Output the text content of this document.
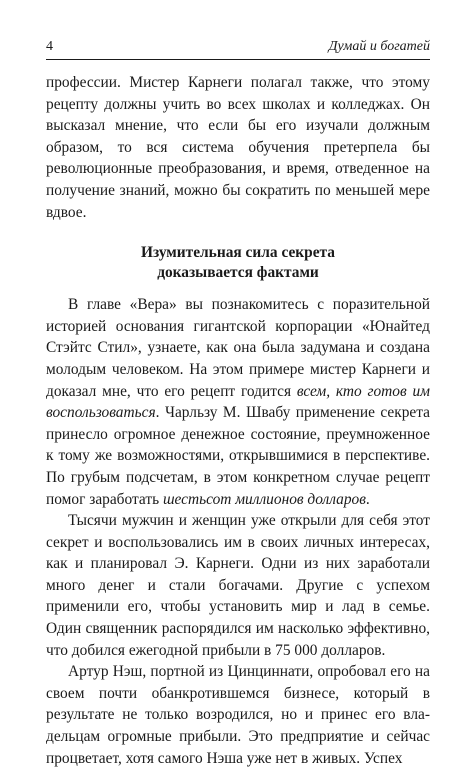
4	Думай и богатей

профессии. Мистер Карнеги полагал также, что этому рецепту должны учить во всех школах и колледжах. Он высказал мнение, что если бы его изучали должным образом, то вся система обучения претерпела бы революционные преобразования, и время, отведенное на получение знаний, можно бы сократить по меньшей мере вдвое.

Изумительная сила секрета
доказывается фактами

В главе «Вера» вы познакомитесь с поразительной историей основания гигантской корпорации «Юнайтед Стэйтс Стил», узнаете, как она была задумана и создана молодым человеком. На этом примере мистер Карнеги и доказал мне, что его рецепт годится всем, кто готов им воспользоваться. Чарльзу М. Швабу применение секрета принесло огромное денежное состояние, преумноженное к тому же возможностями, открывшимися в перспективе. По грубым подсчетам, в этом конкретном случае рецепт помог заработать шестьсот миллионов долларов.

Тысячи мужчин и женщин уже открыли для себя этот секрет и воспользовались им в своих личных интересах, как и планировал Э. Карнеги. Одни из них заработали много денег и стали богачами. Другие с успехом применили его, чтобы установить мир и лад в семье. Один священник распорядился им насколько эффективно, что добился ежегодной прибыли в 75 000 долларов.

Артур Нэш, портной из Цинциннати, опробовал его на своем почти обанкротившемся бизнесе, который в результате не только возродился, но и принес его владельцам огромные прибыли. Это предприятие и сейчас процветает, хотя самого Нэша уже нет в живых. Успех
